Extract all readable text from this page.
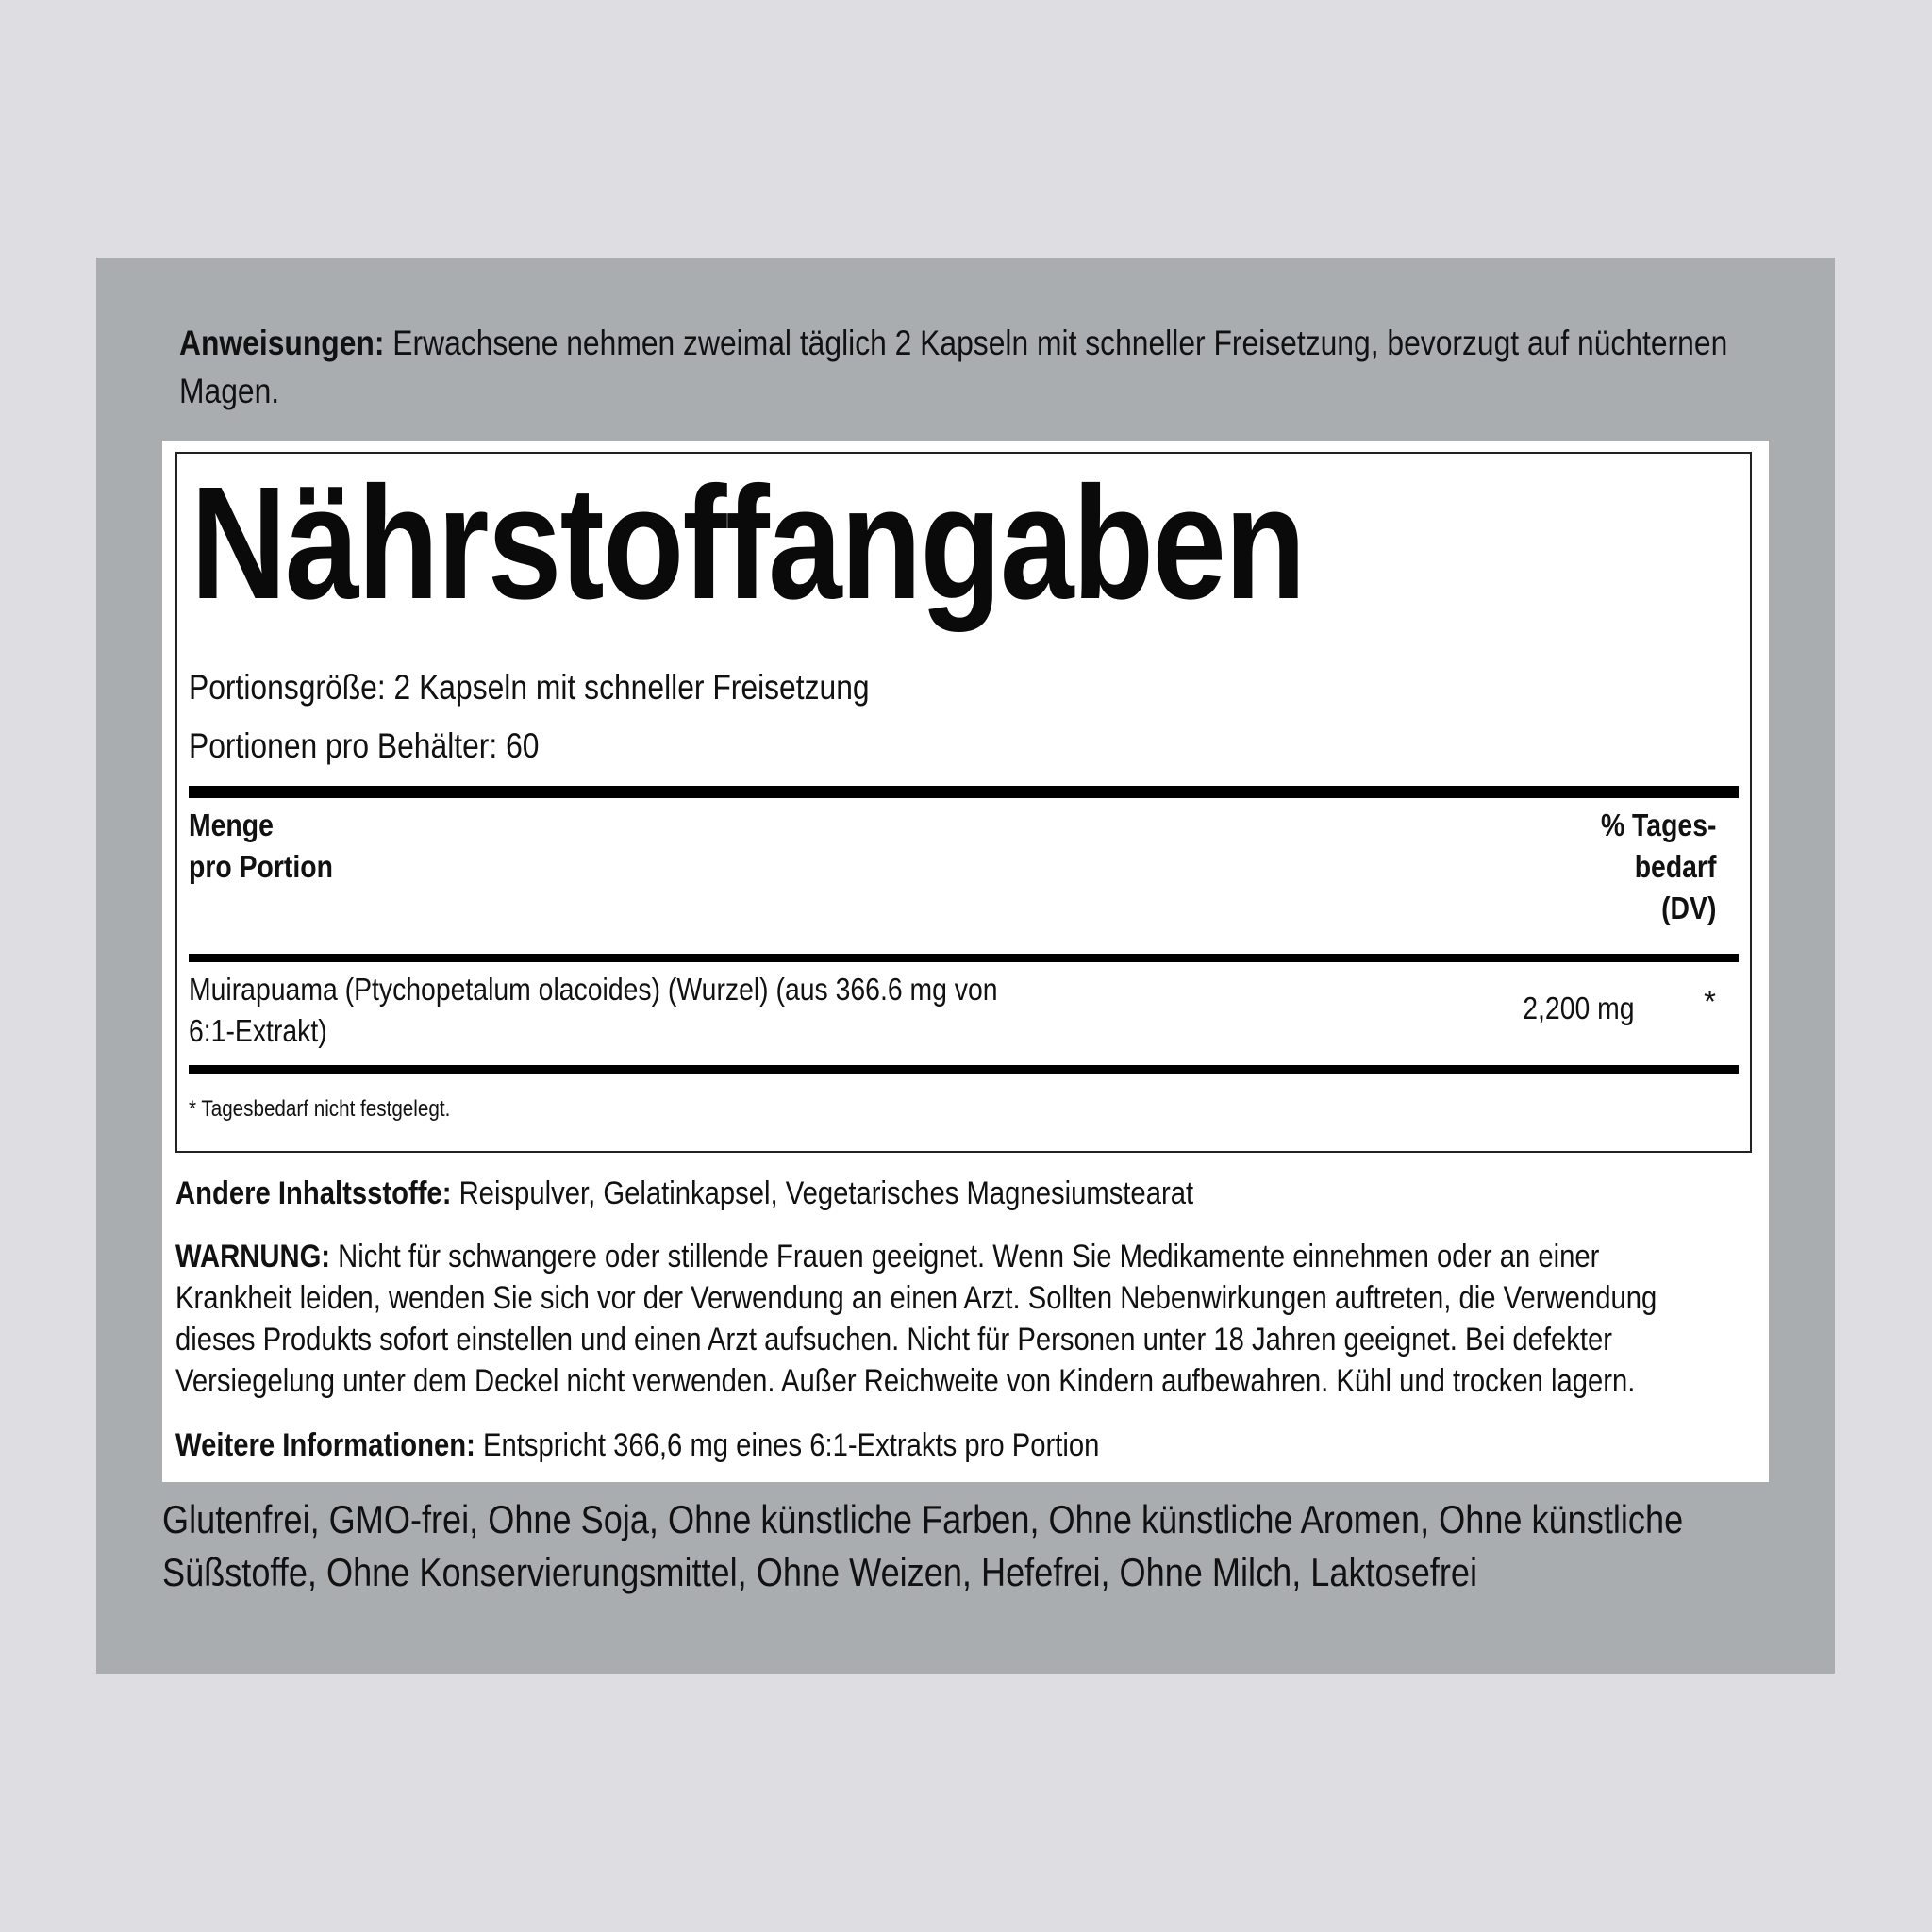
Anweisungen: Erwachsene nehmen zweimal täglich 2 Kapseln mit schneller Freisetzung, bevorzugt auf nüchternen Magen.
Nährstoffangaben
Portionsgröße: 2 Kapseln mit schneller Freisetzung
Portionen pro Behälter: 60
Menge
pro Portion
% Tages-
bedarf
(DV)
Muirapuama (Ptychopetalum olacoides) (Wurzel) (aus 366.6 mg von 6:1-Extrakt)
2,200 mg *
* Tagesbedarf nicht festgelegt.
Andere Inhaltsstoffe: Reispulver, Gelatinkapsel, Vegetarisches Magnesiumstearat
WARNUNG: Nicht für schwangere oder stillende Frauen geeignet. Wenn Sie Medikamente einnehmen oder an einer Krankheit leiden, wenden Sie sich vor der Verwendung an einen Arzt. Sollten Nebenwirkungen auftreten, die Verwendung dieses Produkts sofort einstellen und einen Arzt aufsuchen. Nicht für Personen unter 18 Jahren geeignet. Bei defekter Versiegelung unter dem Deckel nicht verwenden. Außer Reichweite von Kindern aufbewahren. Kühl und trocken lagern.
Weitere Informationen: Entspricht 366,6 mg eines 6:1-Extrakts pro Portion
Glutenfrei, GMO-frei, Ohne Soja, Ohne künstliche Farben, Ohne künstliche Aromen, Ohne künstliche Süßstoffe, Ohne Konservierungsmittel, Ohne Weizen, Hefefrei, Ohne Milch, Laktosefrei
